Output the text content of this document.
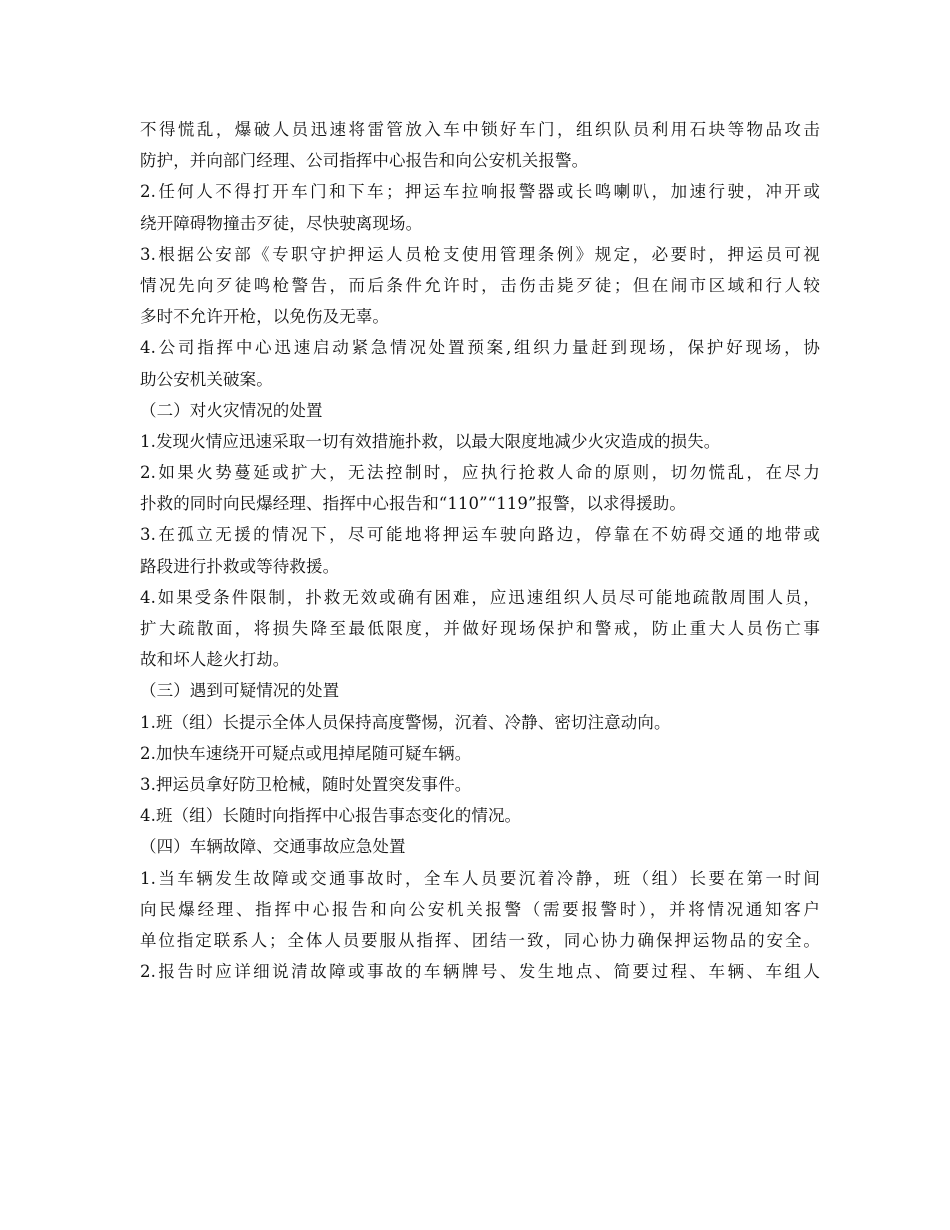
不得慌乱，爆破人员迅速将雷管放入车中锁好车门，组织队员利用石块等物品攻击
防护，并向部门经理、公司指挥中心报告和向公安机关报警。
2.任何人不得打开车门和下车；押运车拉响报警器或长鸣喇叭，加速行驶，冲开或
绕开障碍物撞击歹徒，尽快驶离现场。
3.根据公安部《专职守护押运人员枪支使用管理条例》规定，必要时，押运员可视
情况先向歹徒鸣枪警告，而后条件允许时，击伤击毙歹徒；但在闹市区域和行人较
多时不允许开枪，以免伤及无辜。
4.公司指挥中心迅速启动紧急情况处置预案,组织力量赶到现场，保护好现场，协
助公安机关破案。
（二）对火灾情况的处置
1.发现火情应迅速采取一切有效措施扑救，以最大限度地减少火灾造成的损失。
2.如果火势蔓延或扩大，无法控制时，应执行抢救人命的原则，切勿慌乱，在尽力
扑救的同时向民爆经理、指挥中心报告和“110”“119”报警，以求得援助。
3.在孤立无援的情况下，尽可能地将押运车驶向路边，停靠在不妨碍交通的地带或
路段进行扑救或等待救援。
4.如果受条件限制，扑救无效或确有困难，应迅速组织人员尽可能地疏散周围人员，
扩大疏散面，将损失降至最低限度，并做好现场保护和警戒，防止重大人员伤亡事
故和坏人趁火打劫。
（三）遇到可疑情况的处置
1.班（组）长提示全体人员保持高度警惕，沉着、冷静、密切注意动向。
2.加快车速绕开可疑点或甩掉尾随可疑车辆。
3.押运员拿好防卫枪械，随时处置突发事件。
4.班（组）长随时向指挥中心报告事态变化的情况。
（四）车辆故障、交通事故应急处置
1.当车辆发生故障或交通事故时，全车人员要沉着冷静，班（组）长要在第一时间
向民爆经理、指挥中心报告和向公安机关报警（需要报警时），并将情况通知客户
单位指定联系人；全体人员要服从指挥、团结一致，同心协力确保押运物品的安全。
2.报告时应详细说清故障或事故的车辆牌号、发生地点、简要过程、车辆、车组人
